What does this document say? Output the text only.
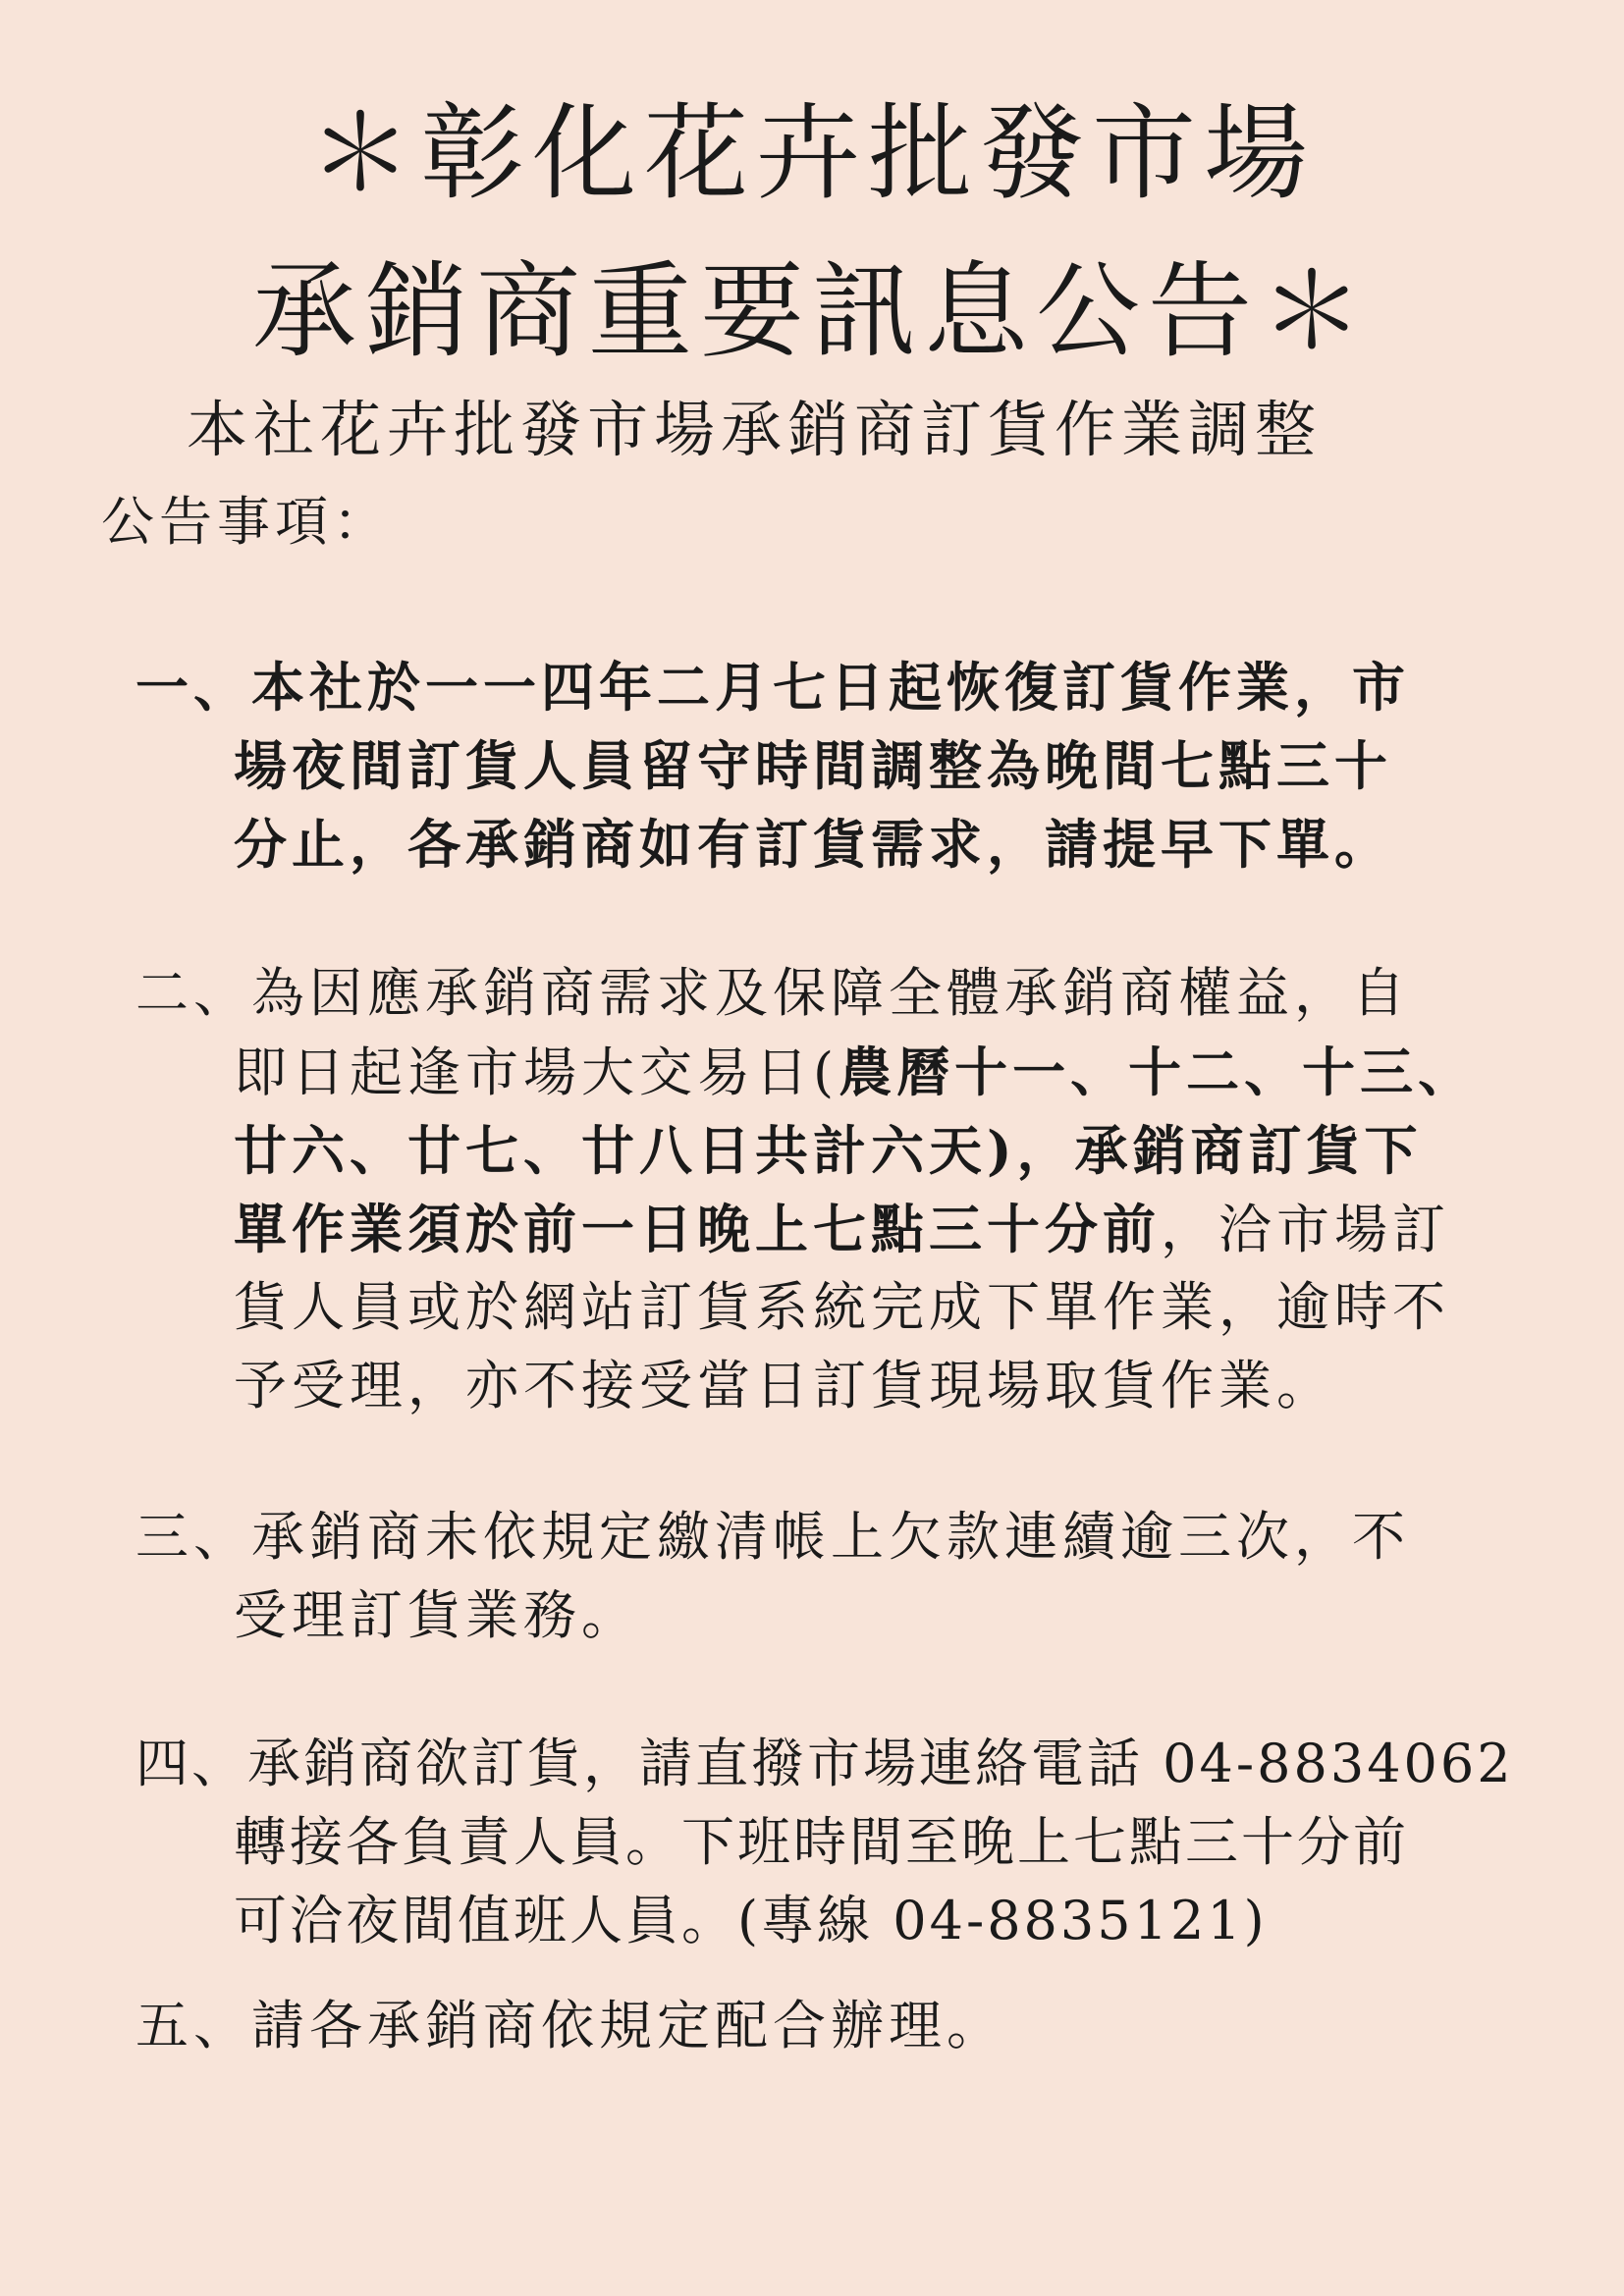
＊彰化花卉批發市場
承銷商重要訊息公告＊
本社花卉批發市場承銷商訂貨作業調整
公告事項：
一、本社於一一四年二月七日起恢復訂貨作業，市
場夜間訂貨人員留守時間調整為晚間七點三十
分止，各承銷商如有訂貨需求，請提早下單。
二、為因應承銷商需求及保障全體承銷商權益，自
即日起逢市場大交易日(農曆十一、十二、十三、
廿六、廿七、廿八日共計六天)，承銷商訂貨下
單作業須於前一日晚上七點三十分前，洽市場訂
貨人員或於網站訂貨系統完成下單作業，逾時不
予受理，亦不接受當日訂貨現場取貨作業。
三、承銷商未依規定繳清帳上欠款連續逾三次，不
受理訂貨業務。
四、承銷商欲訂貨，請直撥市場連絡電話 04-8834062
轉接各負責人員。下班時間至晚上七點三十分前
可洽夜間值班人員。(專線 04-8835121)
五、請各承銷商依規定配合辦理。
